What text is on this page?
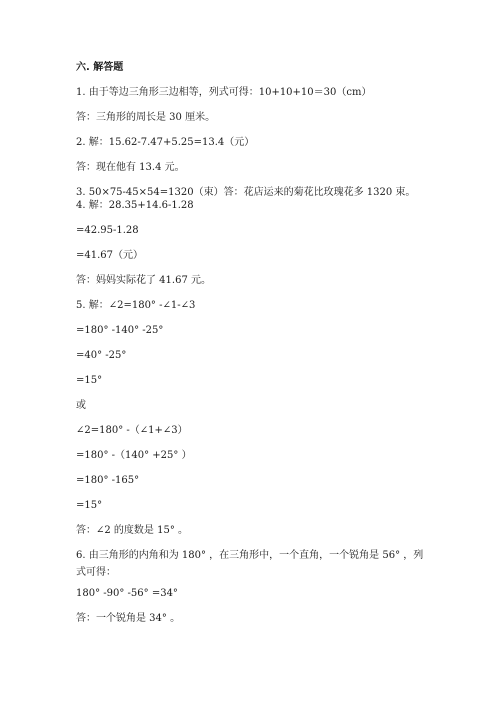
六. 解答题
1. 由于等边三角形三边相等，列式可得：10+10+10＝30（cm）
答：三角形的周长是 30 厘米。
2. 解：15.62-7.47+5.25=13.4（元）
答：现在他有 13.4 元。
3. 50×75-45×54=1320（束）答：花店运来的菊花比玫瑰花多 1320 束。
4. 解：28.35+14.6-1.28
=42.95-1.28
=41.67（元）
答：妈妈实际花了 41.67 元。
5. 解：∠2=180° -∠1-∠3
=180° -140° -25°
=40° -25°
=15°
或
∠2=180° -（∠1+∠3）
=180° -（140° +25° ）
=180° -165°
=15°
答：∠2 的度数是 15° 。
6. 由三角形的内角和为 180° ，在三角形中，一个直角，一个锐角是 56° ，列
式可得：
180° -90° -56° =34°
答：一个锐角是 34° 。
